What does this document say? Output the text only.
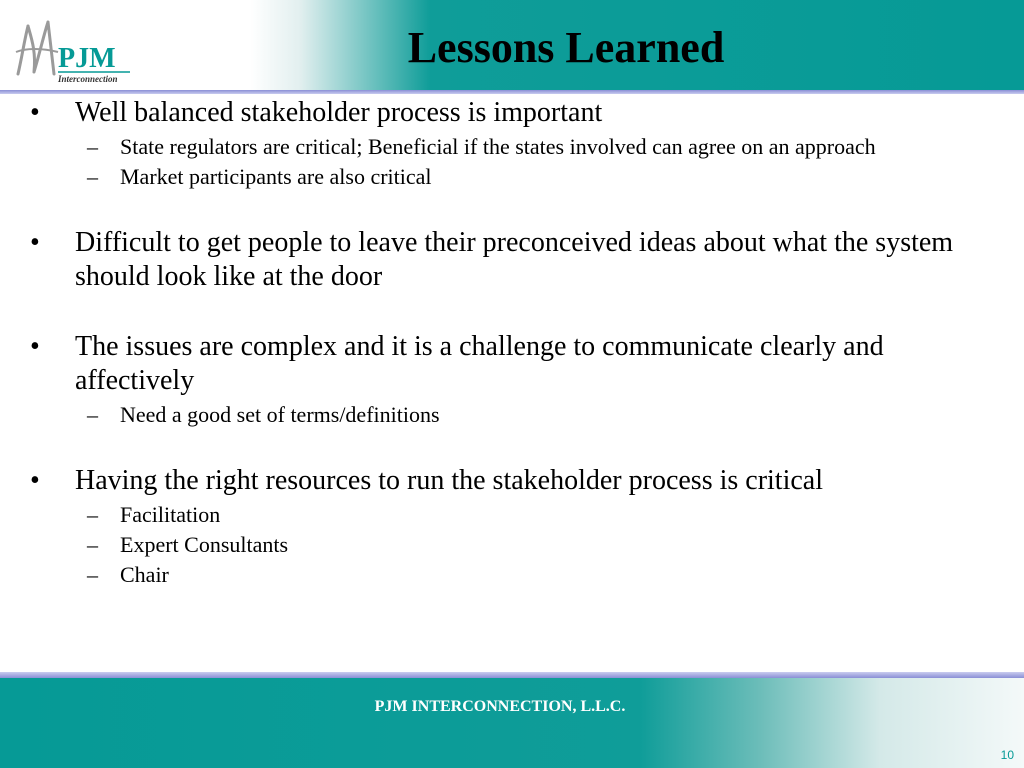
PJM
Interconnection
Lessons Learned
• Well balanced stakeholder process is important
– State regulators are critical; Beneficial if the states involved can agree on an approach
– Market participants are also critical
• Difficult to get people to leave their preconceived ideas about what the system should look like at the door
• The issues are complex and it is a challenge to communicate clearly and affectively
– Need a good set of terms/definitions
• Having the right resources to run the stakeholder process is critical
– Facilitation
– Expert Consultants
– Chair
PJM INTERCONNECTION, L.L.C.
10
